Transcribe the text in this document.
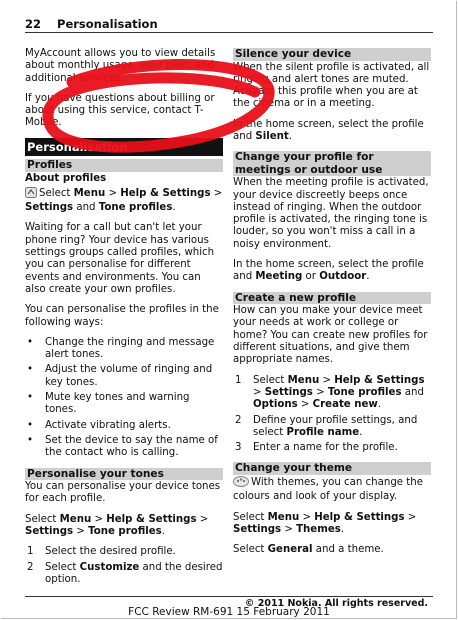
22 Personalisation

MyAccount allows you to view details about monthly usage, your plan, and additional services.

If you have questions about billing or about using this service, contact T-Mobile.

Personalisation
Profiles
About profiles

Select Menu > Help & Settings >
Settings and Tone profiles.

Waiting for a call but can't let your phone ring? Your device has various settings groups called profiles, which you can personalise for different events and environments. You can also create your own profiles.

You can personalise the profiles in the following ways:

• Change the ringing and message alert tones.
• Adjust the volume of ringing and key tones.
• Mute key tones and warning tones.
• Activate vibrating alerts.
• Set the device to say the name of the contact who is calling.
Personalise your tones

You can personalise your device tones for each profile.

Select Menu > Help & Settings >
Settings > Tone profiles.

1 Select the desired profile.
2 Select Customize and the desired option.
Silence your device

When the silent profile is activated, all ringing and alert tones are muted. Activate this profile when you are at the cinema or in a meeting.

In the home screen, select the profile and Silent.

Change your profile for meetings or outdoor use

When the meeting profile is activated, your device discreetly beeps once instead of ringing. When the outdoor profile is activated, the ringing tone is louder, so you won't miss a call in a noisy environment.

In the home screen, select the profile and Meeting or Outdoor.

Create a new profile

How can you make your device meet your needs at work or college or home? You can create new profiles for different situations, and give them appropriate names.

1 Select Menu > Help & Settings > Settings > Tone profiles and Options > Create new.
2 Define your profile settings, and select Profile name.
3 Enter a name for the profile.
Change your theme

With themes, you can change the colours and look of your display.

Select Menu > Help & Settings >
Settings > Themes.

Select General and a theme.

© 2011 Nokia. All rights reserved.
FCC Review RM-691 15 February 2011
